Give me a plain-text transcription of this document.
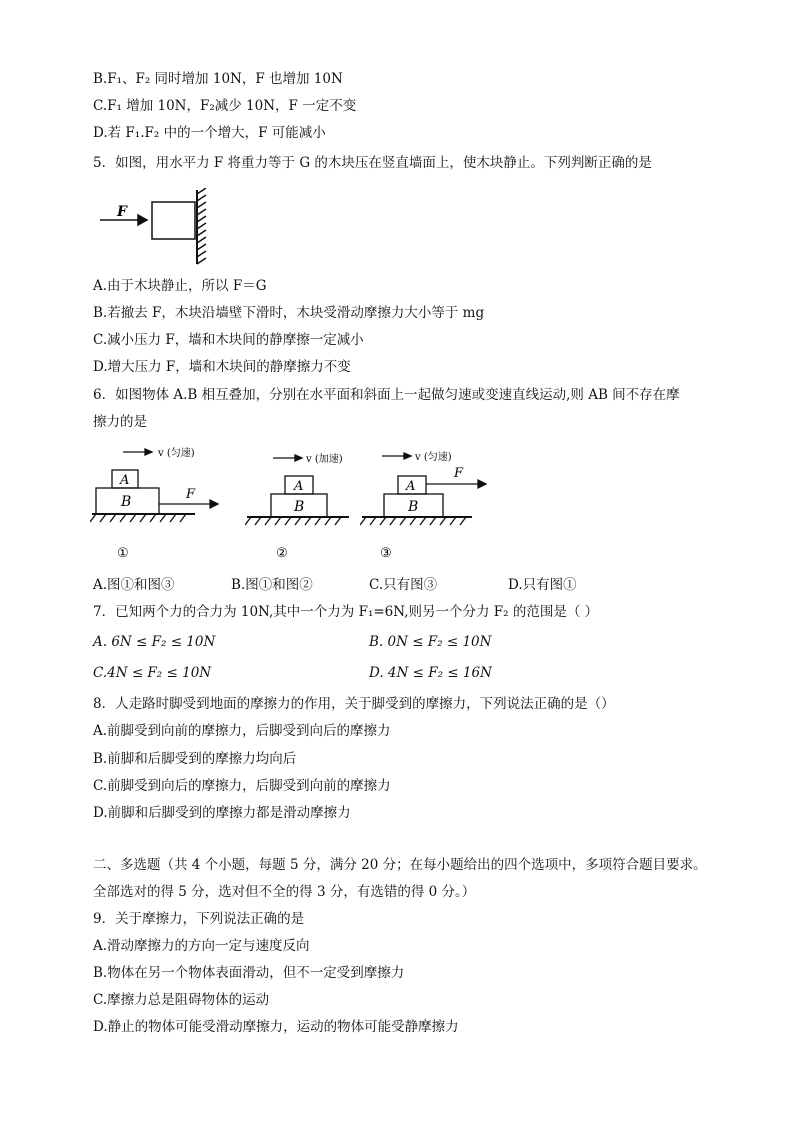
B.F₁、F₂ 同时增加 10N，F 也增加 10N
C.F₁ 增加 10N，F₂减少 10N，F 一定不变
D.若 F₁.F₂ 中的一个增大，F 可能减小
5．如图，用水平力 F 将重力等于 G 的木块压在竖直墙面上，使木块静止。下列判断正确的是
F
A.由于木块静止，所以 F＝G
B.若撤去 F，木块沿墙壁下滑时，木块受滑动摩擦力大小等于 mg
C.减小压力 F，墙和木块间的静摩擦一定减小
D.增大压力 F，墙和木块间的静摩擦力不变
6．如图物体 A.B 相互叠加，分别在水平面和斜面上一起做匀速或变速直线运动,则 AB 间不存在摩
擦力的是
v (匀速)
A
B	F
①
v (加速)
A
B
②
v (匀速)
A
B
F
③
A.图①和图③	B.图①和图②	C.只有图③	D.只有图①
7．已知两个力的合力为 10N,其中一个力为 F₁=6N,则另一个分力 F₂ 的范围是（ ）
A. 6N ≤ F₂ ≤ 10N	B. 0N ≤ F₂ ≤ 10N
C.4N ≤ F₂ ≤ 10N	D. 4N ≤ F₂ ≤ 16N
8．人走路时脚受到地面的摩擦力的作用，关于脚受到的摩擦力，下列说法正确的是（）
A.前脚受到向前的摩擦力，后脚受到向后的摩擦力
B.前脚和后脚受到的摩擦力均向后
C.前脚受到向后的摩擦力，后脚受到向前的摩擦力
D.前脚和后脚受到的摩擦力都是滑动摩擦力
二、多选题（共 4 个小题，每题 5 分，满分 20 分；在每小题给出的四个选项中，多项符合题目要求。
全部选对的得 5 分，选对但不全的得 3 分，有选错的得 0 分。）
9．关于摩擦力，下列说法正确的是
A.滑动摩擦力的方向一定与速度反向
B.物体在另一个物体表面滑动，但不一定受到摩擦力
C.摩擦力总是阻碍物体的运动
D.静止的物体可能受滑动摩擦力，运动的物体可能受静摩擦力
